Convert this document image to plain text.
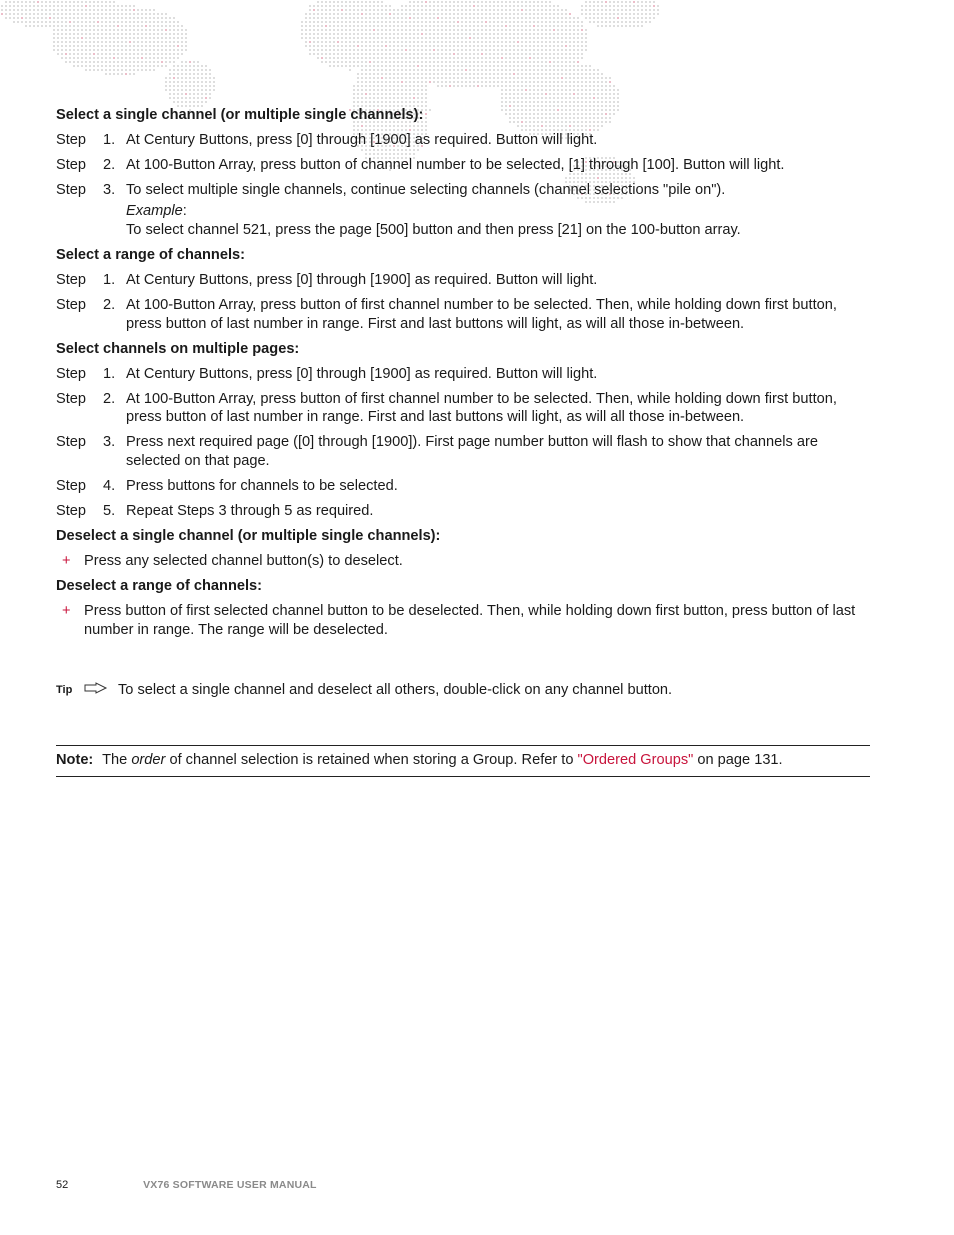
Select a single channel (or multiple single channels):
Step	1. At Century Buttons, press [0] through [1900] as required. Button will light.
Step	2. At 100-Button Array, press button of channel number to be selected, [1] through [100]. Button will light.
Step	3. To select multiple single channels, continue selecting channels (channel selections "pile on").
Example:
To select channel 521, press the page [500] button and then press [21] on the 100-button array.
Select a range of channels:
Step	1. At Century Buttons, press [0] through [1900] as required. Button will light.
Step	2. At 100-Button Array, press button of first channel number to be selected. Then, while holding down first button, press button of last number in range. First and last buttons will light, as will all those in-between.
Select channels on multiple pages:
Step	1. At Century Buttons, press [0] through [1900] as required. Button will light.
Step	2. At 100-Button Array, press button of first channel number to be selected. Then, while holding down first button, press button of last number in range. First and last buttons will light, as will all those in-between.
Step	3. Press next required page ([0] through [1900]). First page number button will flash to show that channels are selected on that page.
Step	4. Press buttons for channels to be selected.
Step	5. Repeat Steps 3 through 5 as required.
Deselect a single channel (or multiple single channels):
+ Press any selected channel button(s) to deselect.
Deselect a range of channels:
+ Press button of first selected channel button to be deselected. Then, while holding down first button, press button of last number in range. The range will be deselected.
Tip	To select a single channel and deselect all others, double-click on any channel button.
Note: The order of channel selection is retained when storing a Group. Refer to "Ordered Groups" on page 131.
52	VX76 SOFTWARE USER MANUAL
